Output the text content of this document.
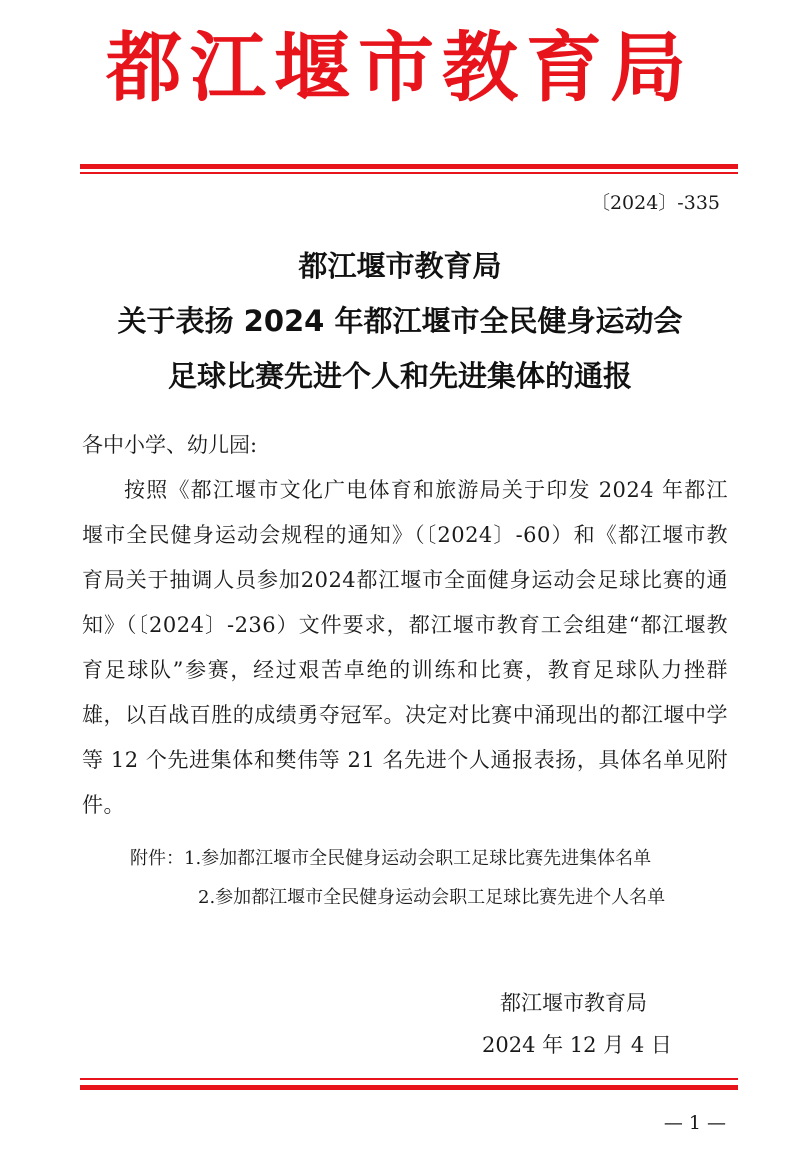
都江堰市教育局
〔2024〕-335
都江堰市教育局
关于表扬 2024 年都江堰市全民健身运动会
足球比赛先进个人和先进集体的通报
各中小学、幼儿园:
按照《都江堰市文化广电体育和旅游局关于印发 2024 年都江堰市全民健身运动会规程的通知》（〔2024〕-60）和《都江堰市教育局关于抽调人员参加2024都江堰市全面健身运动会足球比赛的通知》（〔2024〕-236）文件要求，都江堰市教育工会组建“都江堰教育足球队”参赛，经过艰苦卓绝的训练和比赛，教育足球队力挫群雄，以百战百胜的成绩勇夺冠军。决定对比赛中涌现出的都江堰中学等 12 个先进集体和樊伟等 21 名先进个人通报表扬，具体名单见附件。
附件：1.参加都江堰市全民健身运动会职工足球比赛先进集体名单
2.参加都江堰市全民健身运动会职工足球比赛先进个人名单
都江堰市教育局
2024 年 12 月 4 日
— 1 —
